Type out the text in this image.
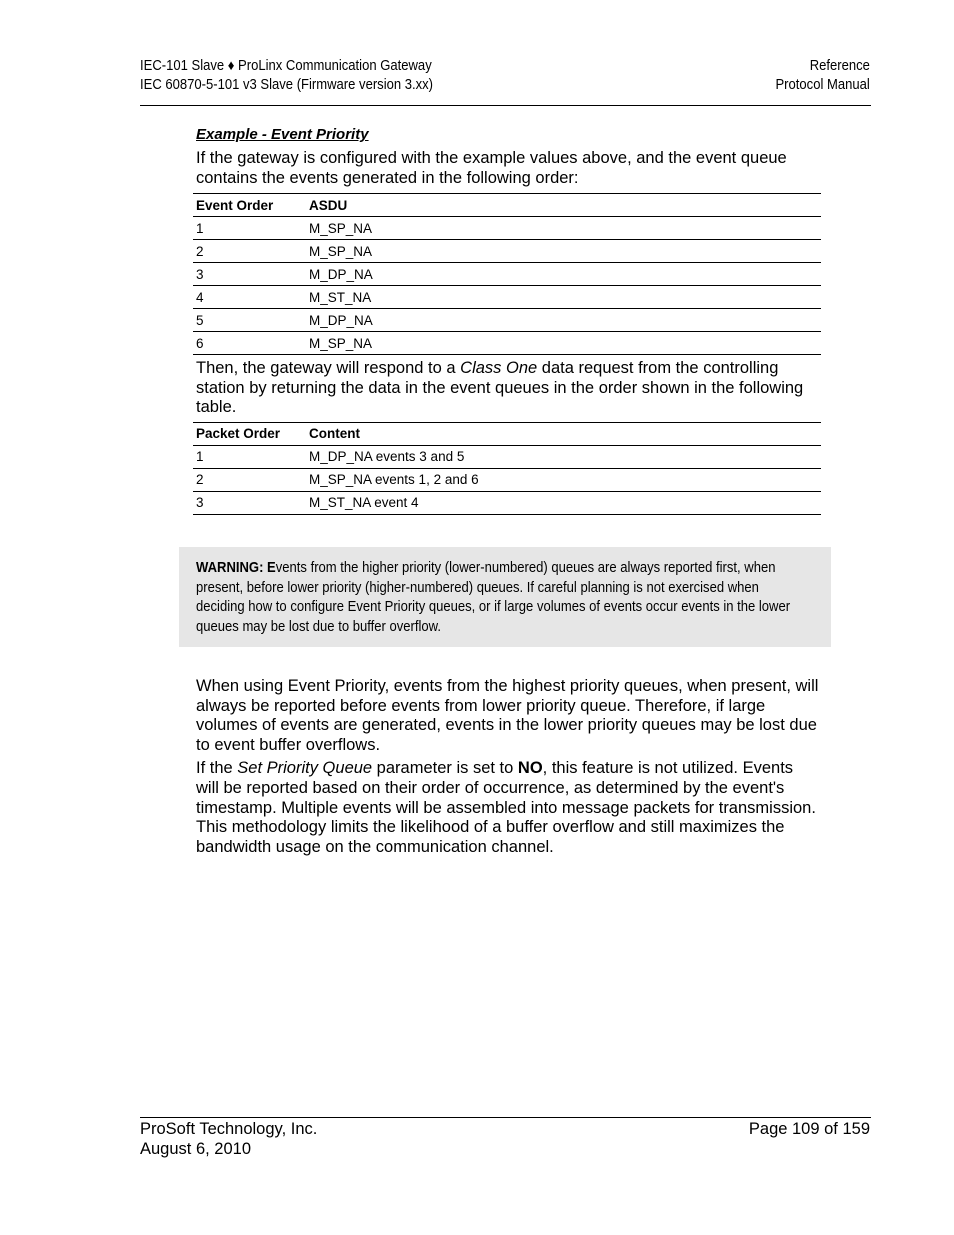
IEC-101 Slave ♦ ProLinx Communication Gateway
IEC 60870-5-101 v3 Slave (Firmware version 3.xx)
Reference
Protocol Manual
Example - Event Priority

If the gateway is configured with the example values above, and the event queue contains the events generated in the following order:

Event Order	ASDU
1	M_SP_NA
2	M_SP_NA
3	M_DP_NA
4	M_ST_NA
5	M_DP_NA
6	M_SP_NA

Then, the gateway will respond to a Class One data request from the controlling station by returning the data in the event queues in the order shown in the following table.

Packet Order	Content
1	M_DP_NA events 3 and 5
2	M_SP_NA events 1, 2 and 6
3	M_ST_NA event 4
WARNING: Events from the higher priority (lower-numbered) queues are always reported first, when present, before lower priority (higher-numbered) queues. If careful planning is not exercised when deciding how to configure Event Priority queues, or if large volumes of events occur events in the lower queues may be lost due to buffer overflow.

When using Event Priority, events from the highest priority queues, when present, will always be reported before events from lower priority queue. Therefore, if large volumes of events are generated, events in the lower priority queues may be lost due to event buffer overflows.

If the Set Priority Queue parameter is set to NO, this feature is not utilized. Events will be reported based on their order of occurrence, as determined by the event's timestamp. Multiple events will be assembled into message packets for transmission. This methodology limits the likelihood of a buffer overflow and still maximizes the bandwidth usage on the communication channel.

ProSoft Technology, Inc.
August 6, 2010
Page 109 of 159
